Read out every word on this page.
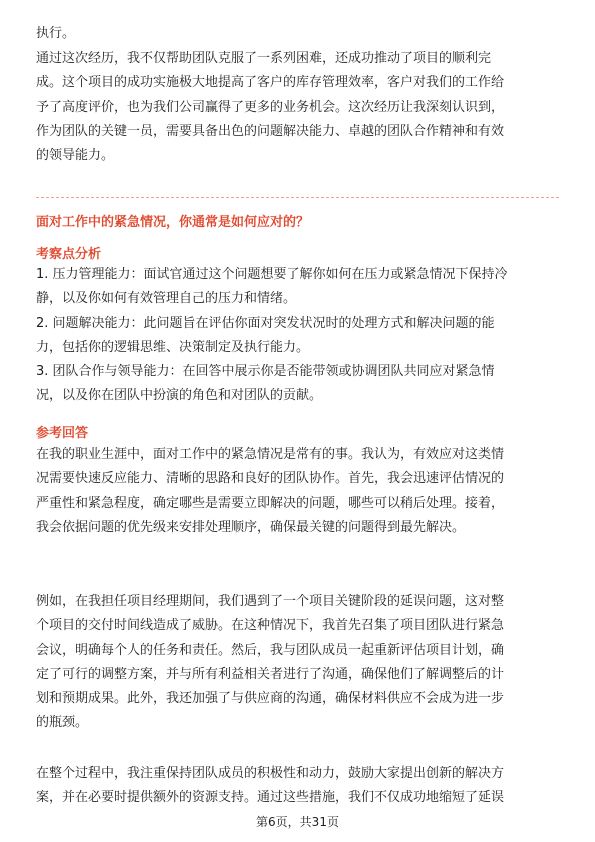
执行。
通过这次经历，我不仅帮助团队克服了一系列困难，还成功推动了项目的顺利完
成。这个项目的成功实施极大地提高了客户的库存管理效率，客户对我们的工作给
予了高度评价，也为我们公司赢得了更多的业务机会。这次经历让我深刻认识到，
作为团队的关键一员，需要具备出色的问题解决能力、卓越的团队合作精神和有效
的领导能力。
面对工作中的紧急情况，你通常是如何应对的？
考察点分析
1. 压力管理能力：面试官通过这个问题想要了解你如何在压力或紧急情况下保持冷
静，以及你如何有效管理自己的压力和情绪。
2. 问题解决能力：此问题旨在评估你面对突发状况时的处理方式和解决问题的能
力，包括你的逻辑思维、决策制定及执行能力。
3. 团队合作与领导能力：在回答中展示你是否能带领或协调团队共同应对紧急情
况，以及你在团队中扮演的角色和对团队的贡献。
参考回答
在我的职业生涯中，面对工作中的紧急情况是常有的事。我认为，有效应对这类情
况需要快速反应能力、清晰的思路和良好的团队协作。首先，我会迅速评估情况的
严重性和紧急程度，确定哪些是需要立即解决的问题，哪些可以稍后处理。接着，
我会依据问题的优先级来安排处理顺序，确保最关键的问题得到最先解决。
例如，在我担任项目经理期间，我们遇到了一个项目关键阶段的延误问题，这对整
个项目的交付时间线造成了威胁。在这种情况下，我首先召集了项目团队进行紧急
会议，明确每个人的任务和责任。然后，我与团队成员一起重新评估项目计划，确
定了可行的调整方案，并与所有利益相关者进行了沟通，确保他们了解调整后的计
划和预期成果。此外，我还加强了与供应商的沟通，确保材料供应不会成为进一步
的瓶颈。
在整个过程中，我注重保持团队成员的积极性和动力，鼓励大家提出创新的解决方
案，并在必要时提供额外的资源支持。通过这些措施，我们不仅成功地缩短了延误
第6页，共31页
